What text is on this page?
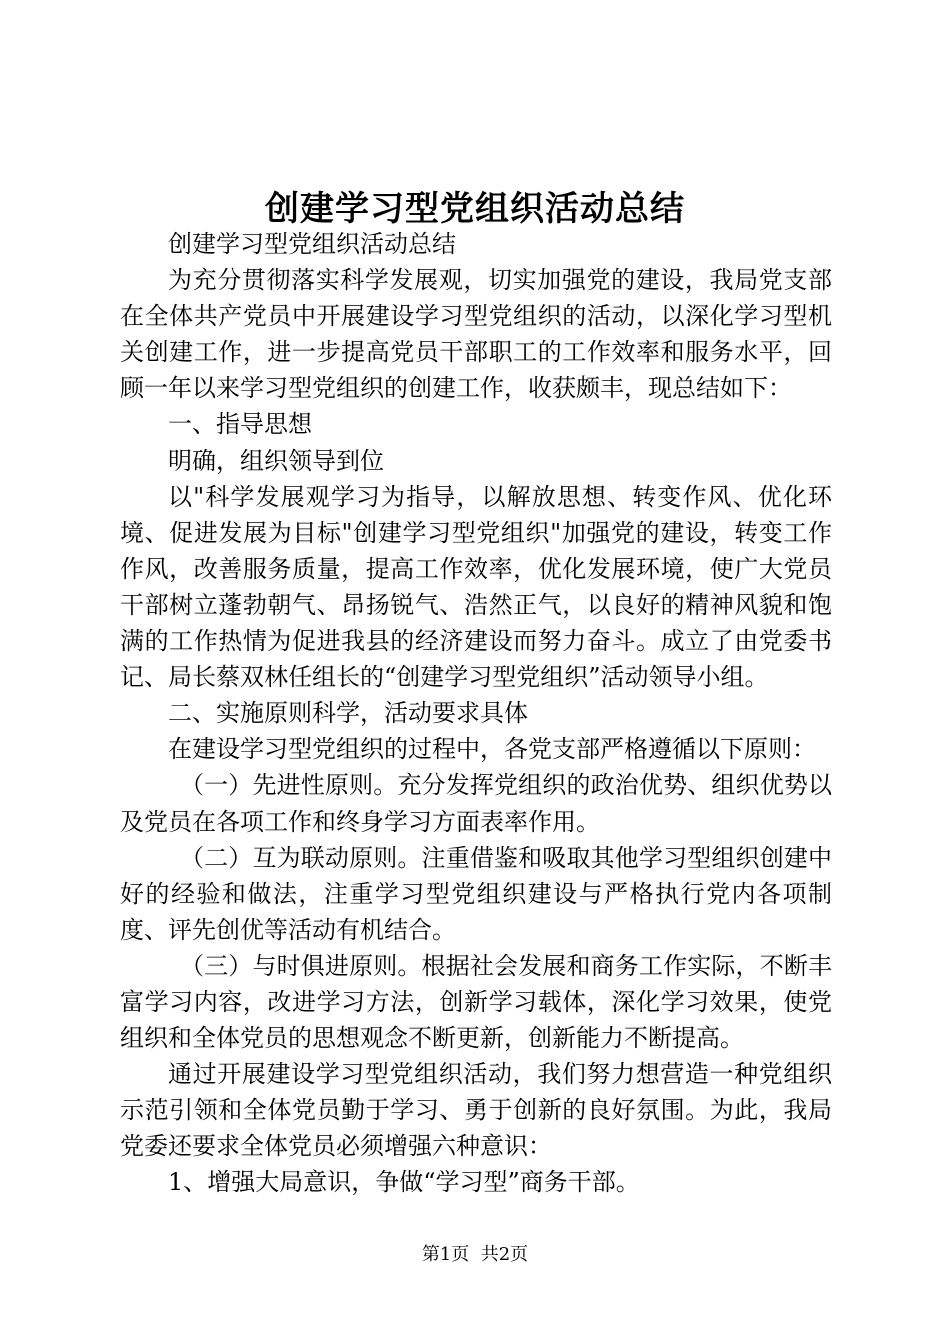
创建学习型党组织活动总结

创建学习型党组织活动总结

为充分贯彻落实科学发展观，切实加强党的建设，我局党支部在全体共产党员中开展建设学习型党组织的活动，以深化学习型机关创建工作，进一步提高党员干部职工的工作效率和服务水平，回顾一年以来学习型党组织的创建工作，收获颇丰，现总结如下：

一、指导思想

明确，组织领导到位

以"科学发展观学习为指导，以解放思想、转变作风、优化环境、促进发展为目标"创建学习型党组织"加强党的建设，转变工作作风，改善服务质量，提高工作效率，优化发展环境，使广大党员干部树立蓬勃朝气、昂扬锐气、浩然正气，以良好的精神风貌和饱满的工作热情为促进我县的经济建设而努力奋斗。成立了由党委书记、局长蔡双林任组长的“创建学习型党组织”活动领导小组。

二、实施原则科学，活动要求具体

在建设学习型党组织的过程中，各党支部严格遵循以下原则：

（一）先进性原则。充分发挥党组织的政治优势、组织优势以及党员在各项工作和终身学习方面表率作用。

（二）互为联动原则。注重借鉴和吸取其他学习型组织创建中好的经验和做法，注重学习型党组织建设与严格执行党内各项制度、评先创优等活动有机结合。

（三）与时俱进原则。根据社会发展和商务工作实际，不断丰富学习内容，改进学习方法，创新学习载体，深化学习效果，使党组织和全体党员的思想观念不断更新，创新能力不断提高。

通过开展建设学习型党组织活动，我们努力想营造一种党组织示范引领和全体党员勤于学习、勇于创新的良好氛围。为此，我局党委还要求全体党员必须增强六种意识：

1、增强大局意识，争做“学习型”商务干部。

第1页 共2页
